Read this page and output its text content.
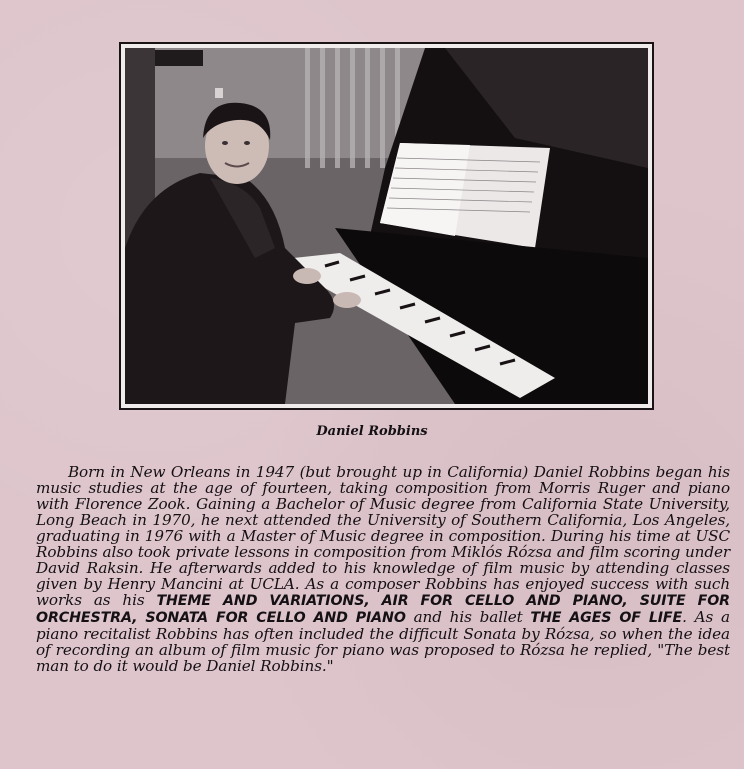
Daniel Robbins

Born in New Orleans in 1947 (but brought up in California) Daniel Robbins began his music studies at the age of fourteen, taking composition from Morris Ruger and piano with Florence Zook. Gaining a Bachelor of Music degree from California State University, Long Beach in 1970, he next attended the University of Southern California, Los Angeles, graduating in 1976 with a Master of Music degree in composition. During his time at USC Robbins also took private lessons in composition from Miklós Rózsa and film scoring under David Raksin. He afterwards added to his knowledge of film music by attending classes given by Henry Mancini at UCLA. As a composer Robbins has enjoyed success with such works as his THEME AND VARIATIONS, AIR FOR CELLO AND PIANO, SUITE FOR ORCHESTRA, SONATA FOR CELLO AND PIANO and his ballet THE AGES OF LIFE. As a piano recitalist Robbins has often included the difficult Sonata by Rózsa, so when the idea of recording an album of film music for piano was proposed to Rózsa he replied, "The best man to do it would be Daniel Robbins."
